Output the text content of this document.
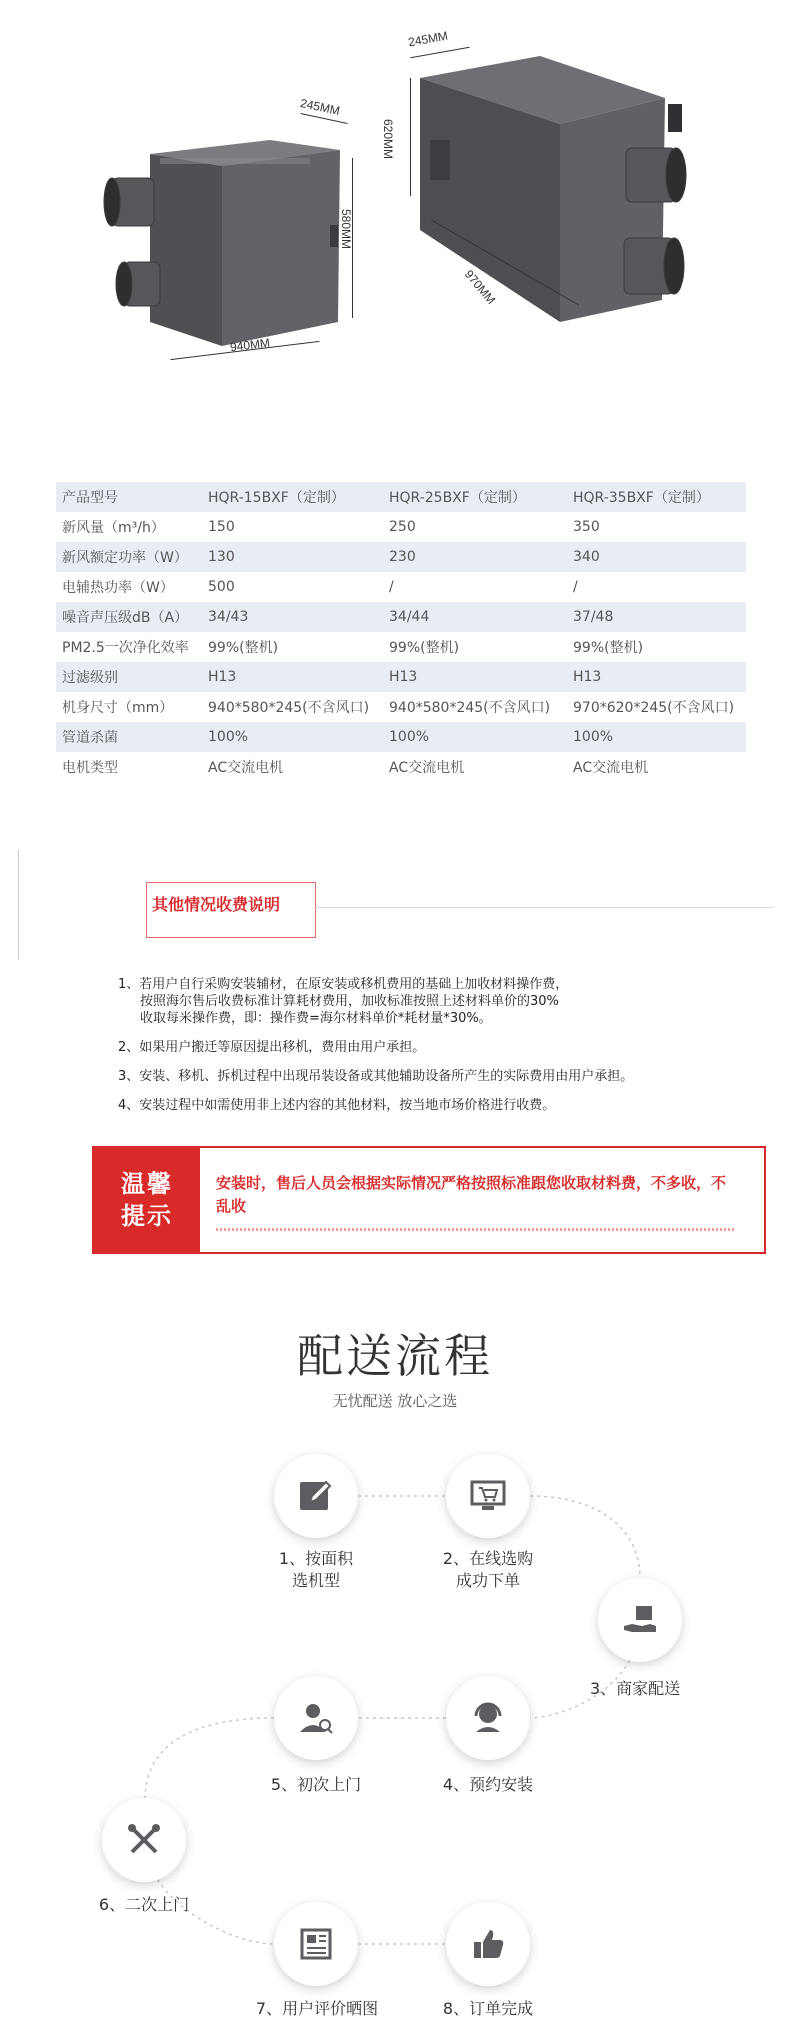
245MM
580MM
940MM
245MM
620MM
970MM
产品型号	HQR-15BXF（定制）	HQR-25BXF（定制）	HQR-35BXF（定制）
新风量（m³/h）	150	250	350
新风额定功率（W）	130	230	340
电辅热功率（W）	500	/	/
噪音声压级dB（A）	34/43	34/44	37/48
PM2.5一次净化效率	99%(整机)	99%(整机)	99%(整机)
过滤级别	H13	H13	H13
机身尺寸（mm）	940*580*245(不含风口)	940*580*245(不含风口)	970*620*245(不含风口)
管道杀菌	100%	100%	100%
电机类型	AC交流电机	AC交流电机	AC交流电机
其他情况收费说明

1、若用户自行采购安装辅材，在原安装或移机费用的基础上加收材料操作费，
按照海尔售后收费标准计算耗材费用，加收标准按照上述材料单价的30%
收取每米操作费，即：操作费=海尔材料单价*耗材量*30%。

2、如果用户搬迁等原因提出移机，费用由用户承担。

3、安装、移机、拆机过程中出现吊装设备或其他辅助设备所产生的实际费用由用户承担。

4、安装过程中如需使用非上述内容的其他材料，按当地市场价格进行收费。

温馨
提示
安装时，售后人员会根据实际情况严格按照标准跟您收取材料费，不多收，不乱收
配送流程
无忧配送 放心之选
1、按面积
选机型
2、在线选购
成功下单
3、商家配送
4、预约安装
5、初次上门
6、二次上门
7、用户评价晒图	8、订单完成
